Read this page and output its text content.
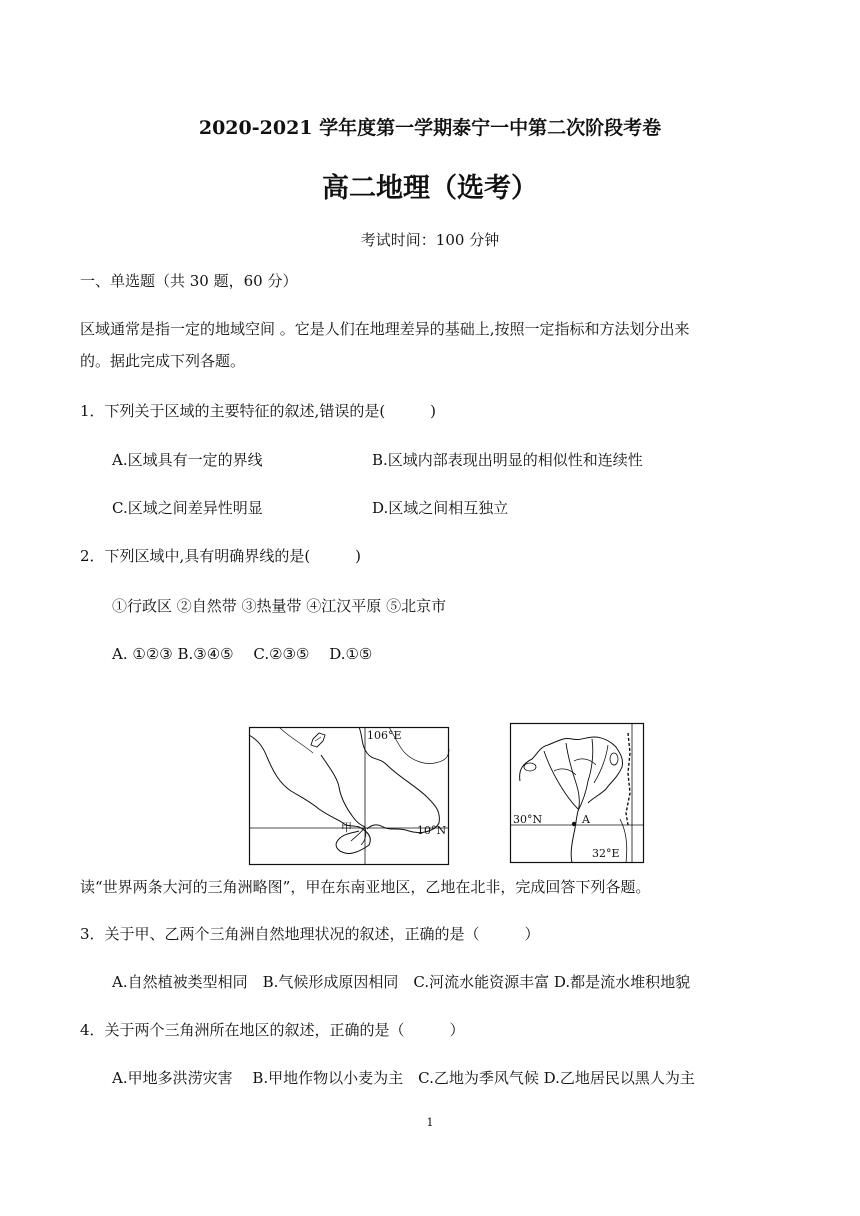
2020-2021 学年度第一学期泰宁一中第二次阶段考卷
高二地理（选考）
考试时间：100 分钟
一、单选题（共 30 题，60 分）
区域通常是指一定的地域空间 。它是人们在地理差异的基础上,按照一定指标和方法划分出来
的。据此完成下列各题。
1．下列关于区域的主要特征的叙述,错误的是(　　　)
A.区域具有一定的界线	B.区域内部表现出明显的相似性和连续性
C.区域之间差异性明显	D.区域之间相互独立
2．下列区域中,具有明确界线的是(　　　)
①行政区 ②自然带 ③热量带 ④江汉平原 ⑤北京市
A. ①②③ B.③④⑤　 C.②③⑤　 D.①⑤
106°E
10°N
甲
30°N
32°E
A
读“世界两条大河的三角洲略图”，甲在东南亚地区，乙地在北非，完成回答下列各题。
3．关于甲、乙两个三角洲自然地理状况的叙述，正确的是（　　　）
A.自然植被类型相同　B.气候形成原因相同　C.河流水能资源丰富 D.都是流水堆积地貌
4．关于两个三角洲所在地区的叙述，正确的是（　　　）
A.甲地多洪涝灾害　 B.甲地作物以小麦为主　C.乙地为季风气候 D.乙地居民以黑人为主
1
